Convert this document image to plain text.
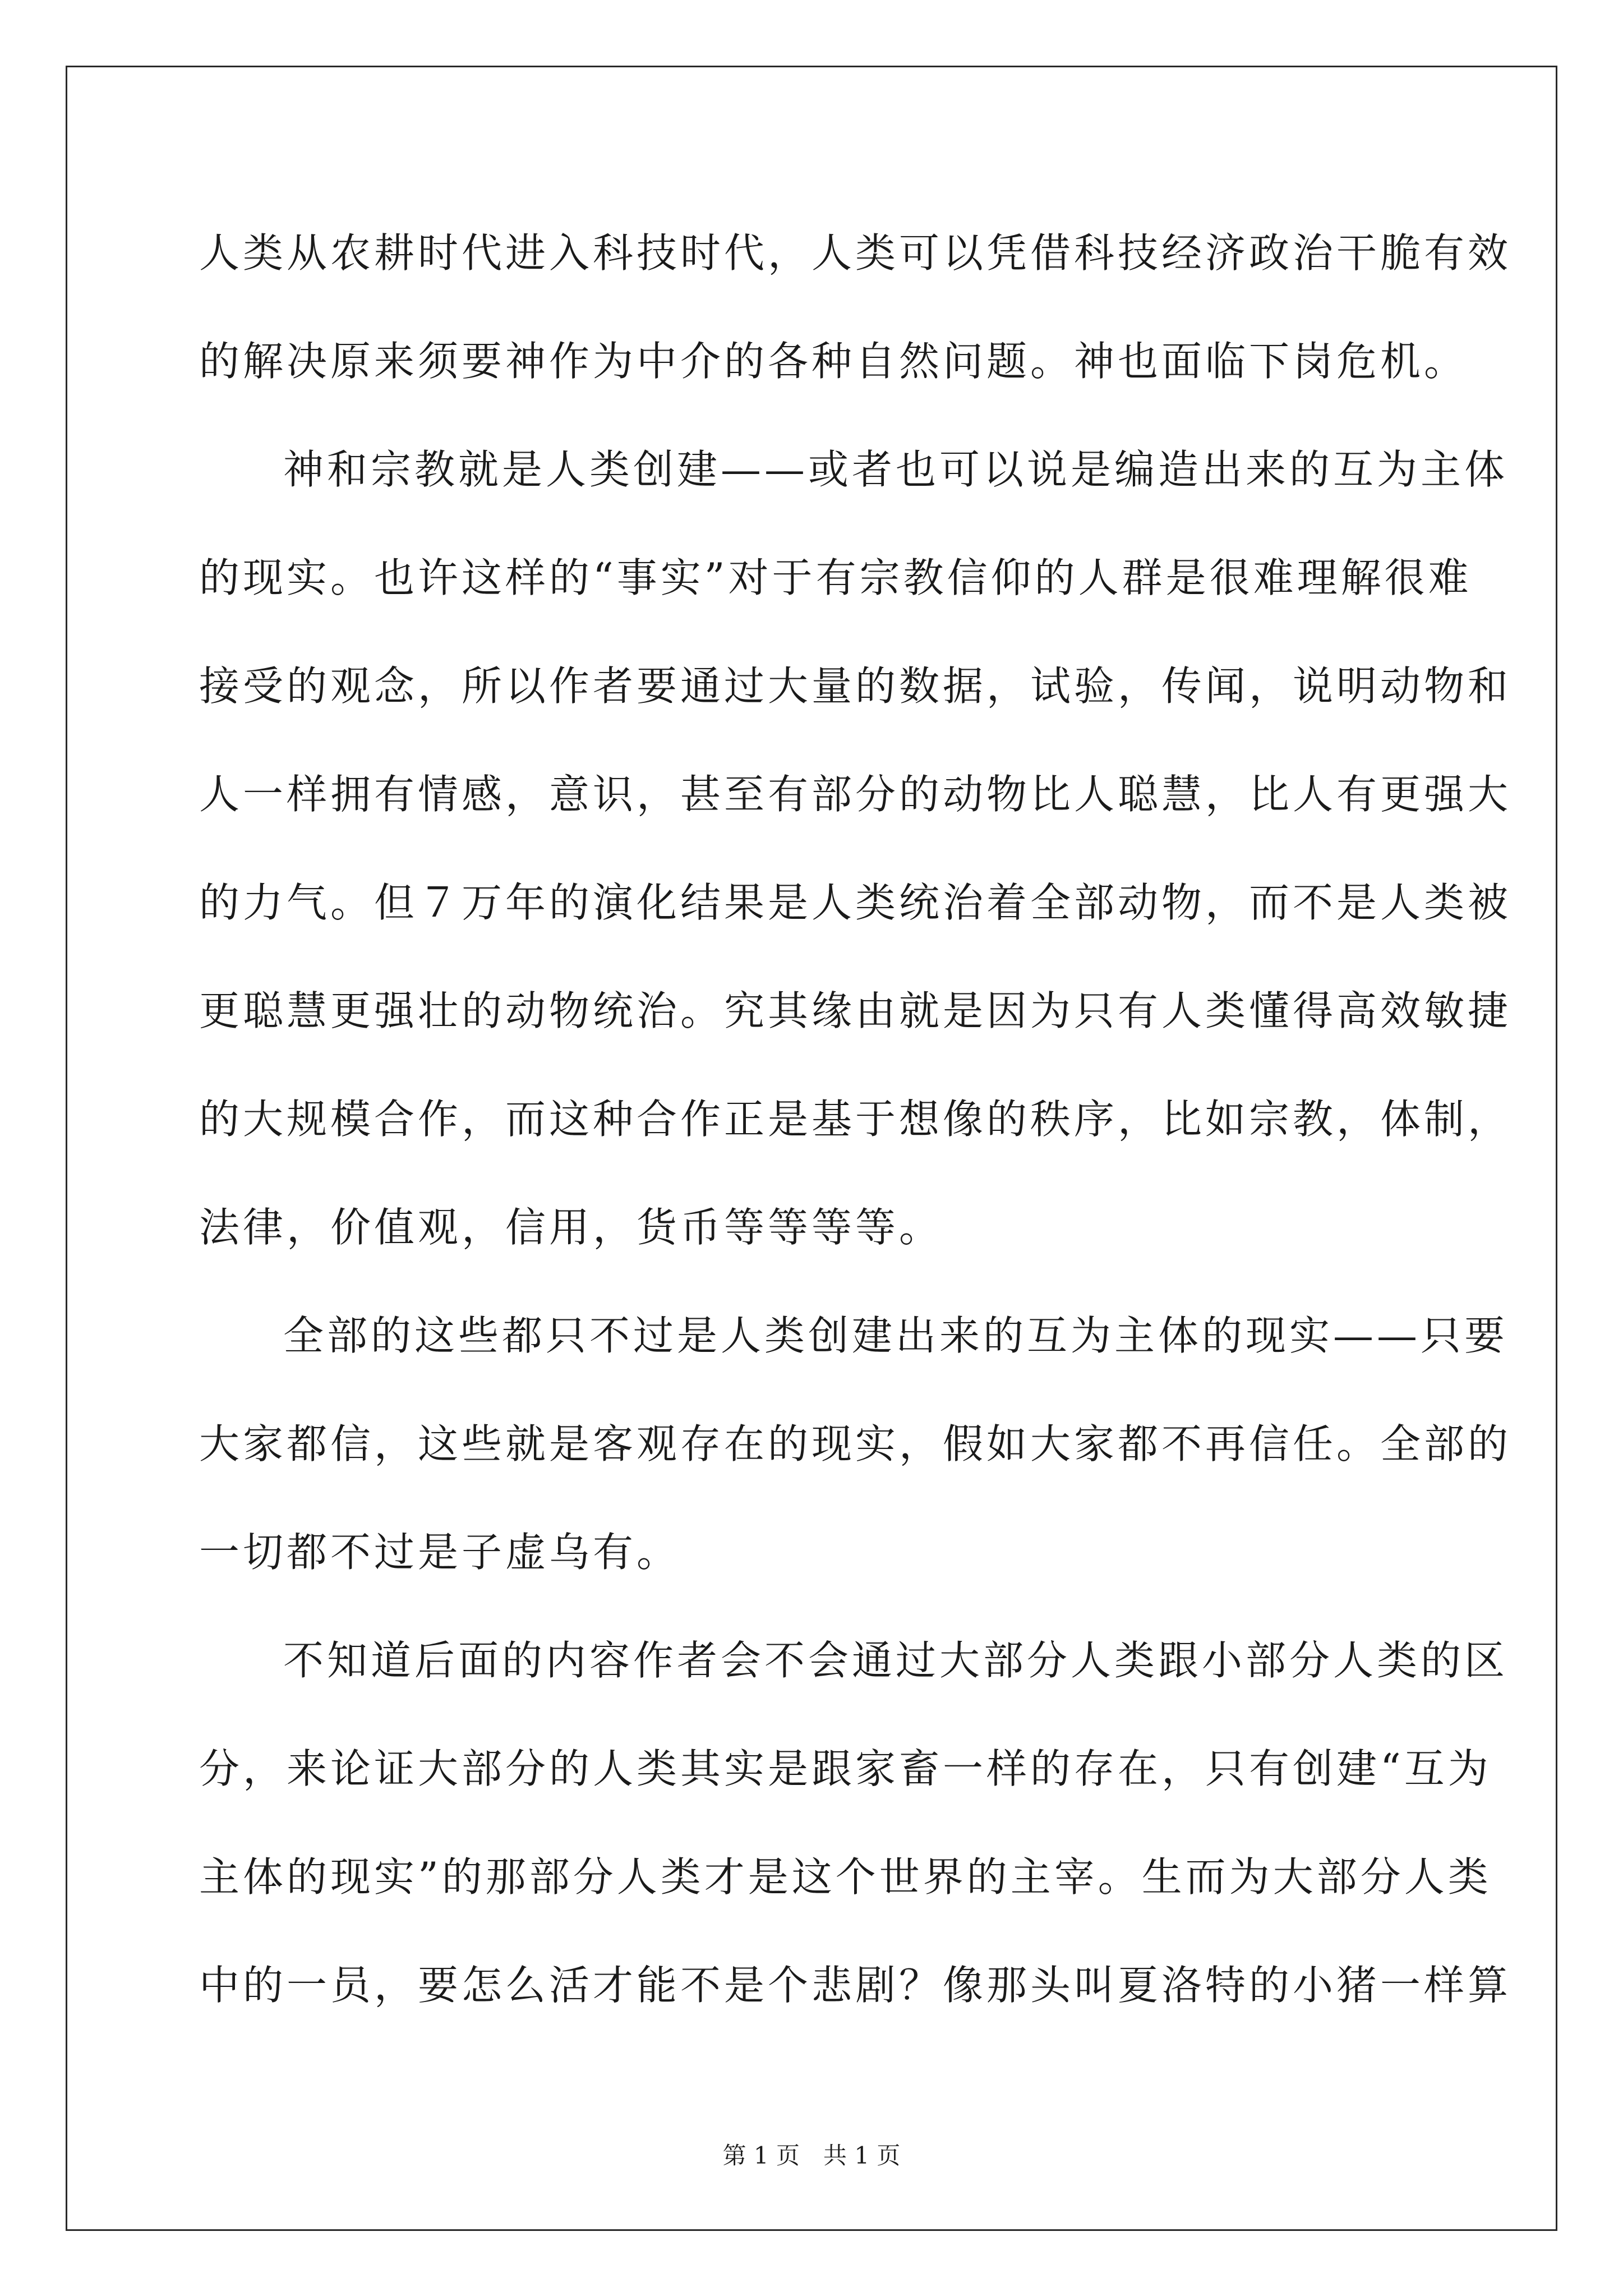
人类从农耕时代进入科技时代，人类可以凭借科技经济政治干脆有效
的解决原来须要神作为中介的各种自然问题。神也面临下岗危机。
神和宗教就是人类创建——或者也可以说是编造出来的互为主体
的现实。也许这样的“事实”对于有宗教信仰的人群是很难理解很难
接受的观念，所以作者要通过大量的数据，试验，传闻，说明动物和
人一样拥有情感，意识，甚至有部分的动物比人聪慧，比人有更强大
的力气。但７万年的演化结果是人类统治着全部动物，而不是人类被
更聪慧更强壮的动物统治。究其缘由就是因为只有人类懂得高效敏捷
的大规模合作，而这种合作正是基于想像的秩序，比如宗教，体制，
法律，价值观，信用，货币等等等等。
全部的这些都只不过是人类创建出来的互为主体的现实——只要
大家都信，这些就是客观存在的现实，假如大家都不再信任。全部的
一切都不过是子虚乌有。
不知道后面的内容作者会不会通过大部分人类跟小部分人类的区
分，来论证大部分的人类其实是跟家畜一样的存在，只有创建“互为
主体的现实”的那部分人类才是这个世界的主宰。生而为大部分人类
中的一员，要怎么活才能不是个悲剧？像那头叫夏洛特的小猪一样算
第 1 页 共 1 页
